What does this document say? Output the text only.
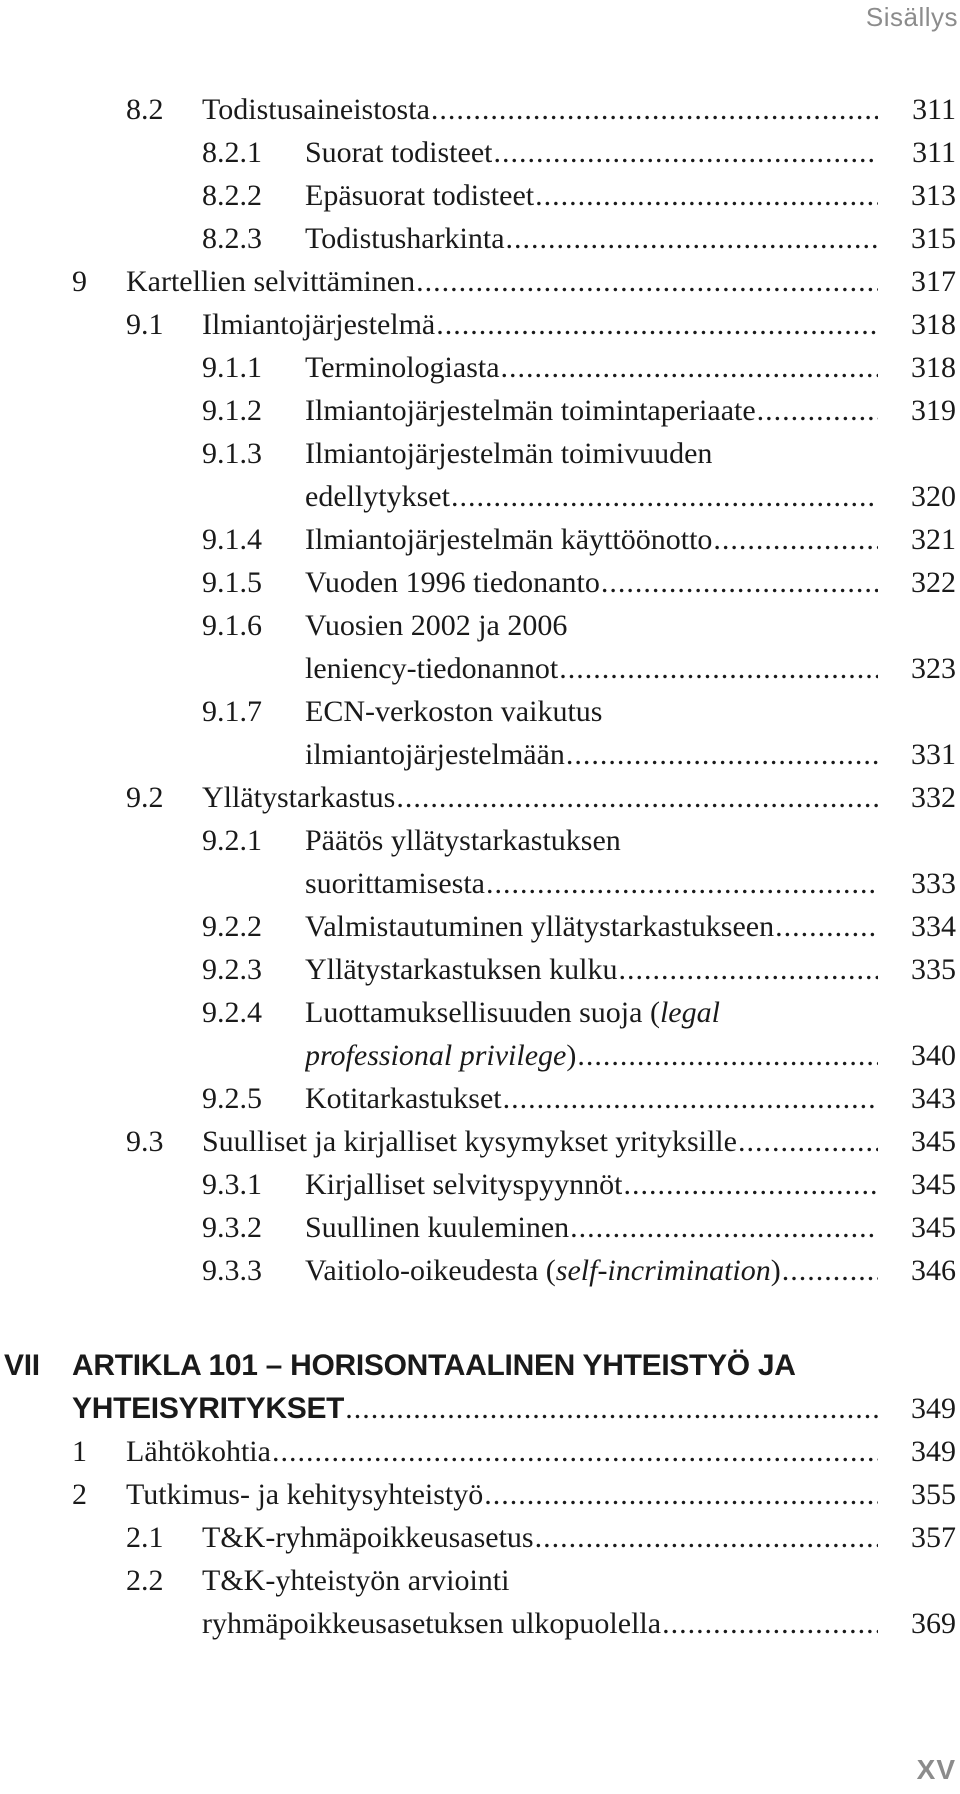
Sisällys
8.2 Todistusaineistosta .....	311
8.2.1 Suorat todisteet .....	311
8.2.2 Epäsuorat todisteet .....	313
8.2.3 Todistusharkinta .....	315
9 Kartellien selvittäminen .....	317
9.1 Ilmiantojärjestelmä .....	318
9.1.1 Terminologiasta .....	318
9.1.2 Ilmiantojärjestelmän toimintaperiaate .....	319
9.1.3 Ilmiantojärjestelmän toimivuuden
edellytykset .....	320
9.1.4 Ilmiantojärjestelmän käyttöönotto .....	321
9.1.5 Vuoden 1996 tiedonanto .....	322
9.1.6 Vuosien 2002 ja 2006
leniency-tiedonannot .....	323
9.1.7 ECN-verkoston vaikutus
ilmiantojärjestelmään .....	331
9.2 Yllätystarkastus .....	332
9.2.1 Päätös yllätystarkastuksen
suorittamisesta .....	333
9.2.2 Valmistautuminen yllätystarkastukseen .....	334
9.2.3 Yllätystarkastuksen kulku .....	335
9.2.4 Luottamuksellisuuden suoja (legal
professional privilege) .....	340
9.2.5 Kotitarkastukset .....	343
9.3 Suulliset ja kirjalliset kysymykset yrityksille .....	345
9.3.1 Kirjalliset selvityspyynnöt .....	345
9.3.2 Suullinen kuuleminen .....	345
9.3.3 Vaitiolo-oikeudesta (self-incrimination) .....	346
VII ARTIKLA 101 – HORISONTAALINEN YHTEISTYÖ JA
YHTEISYRITYKSET .....	349
1 Lähtökohtia .....	349
2 Tutkimus- ja kehitysyhteistyö .....	355
2.1 T&K-ryhmäpoikkeusasetus .....	357
2.2 T&K-yhteistyön arviointi
ryhmäpoikkeusasetuksen ulkopuolella .....	369
XV
